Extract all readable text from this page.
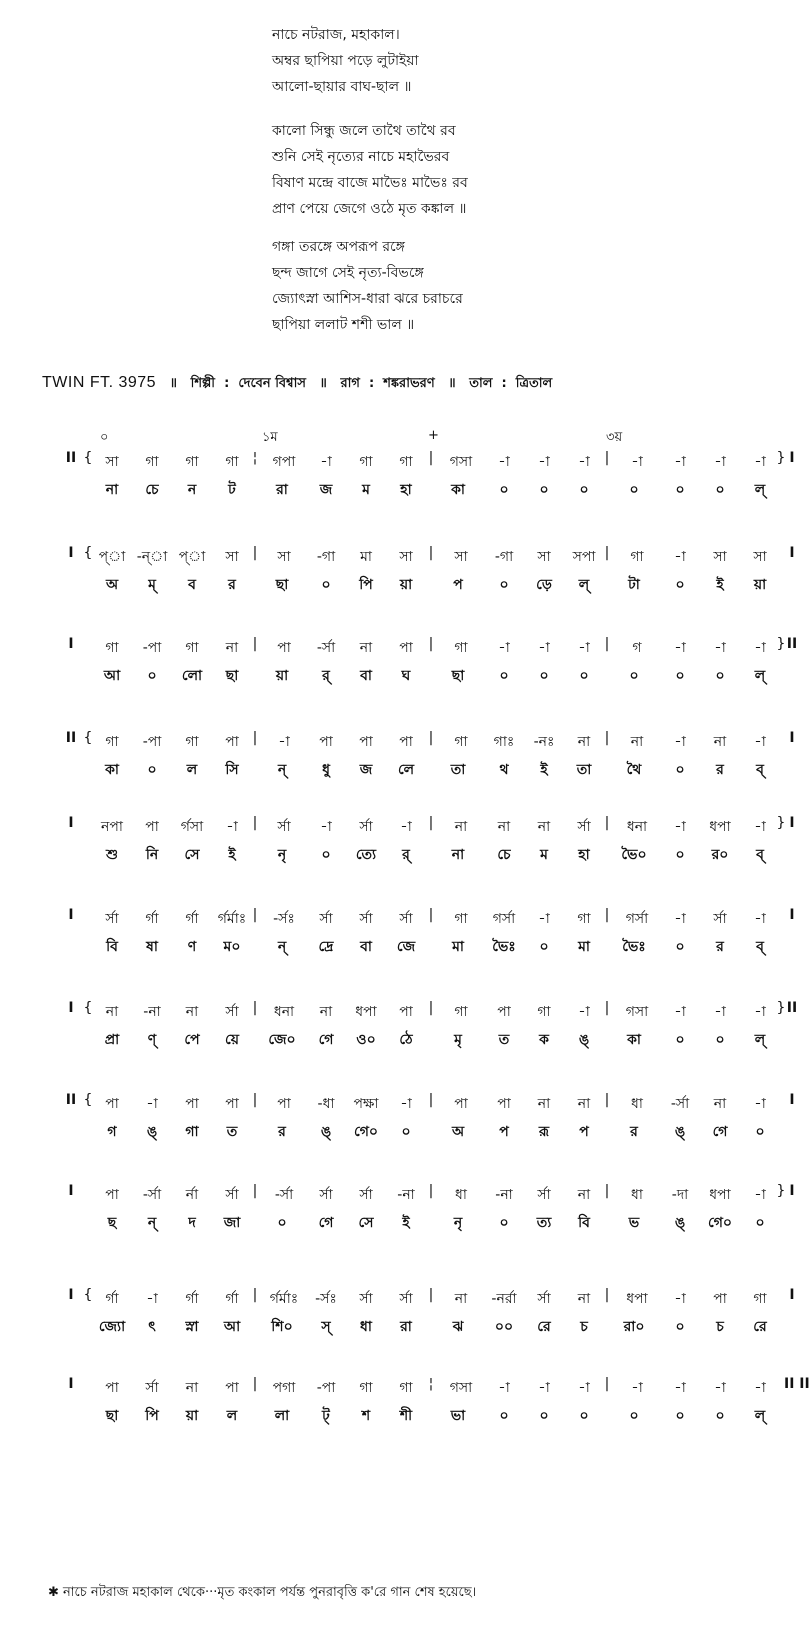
নাচে নটরাজ, মহাকাল।

অম্বর ছাপিয়া পড়ে লুটাইয়া

আলো-ছায়ার বাঘ-ছাল ॥

কালো সিন্ধু জলে তাথৈ তাথৈ রব

শুনি সেই নৃত্যের নাচে মহাভৈরব

বিষাণ মন্দ্রে বাজে মাভৈঃ মাভৈঃ রব

প্রাণ পেয়ে জেগে ওঠে মৃত কঙ্কাল ॥

গঙ্গা তরঙ্গে অপরূপ রঙ্গে

ছন্দ জাগে সেই নৃত্য-বিভঙ্গে

জ্যোৎস্না আশিস-ধারা ঝরে চরাচরে

ছাপিয়া ললাট শশী ভাল ॥

TWIN FT. 3975 ॥ শিল্পী : দেবেন বিশ্বাস ॥ রাগ : শঙ্করাভরণ ॥ তাল : ত্রিতাল
০	১ম	+	৩য়
II { সা	গা	গা	গা	¦	গপা	-া	গা	গা	|	গসা	-া	-া	-া	|	-া	-া	-া	-া } I
না	চে	ন	ট	রা	জ	ম	হা	কা	০	০	০	০	০	০	ল্
I { প্া -ন্া প্া	সা |	সা	-গা	মা	সা	|	সা	-গা	সা	সপা |	গা	-া	সা	সা	I
অ	ম্	ব	র	ছা	০	পি	য়া	প	০	ড়ে	ল্	টা	০	ই	য়া
I	গা	-পা	গা	না	|	পা	-র্সা	না	পা	|	গা	-া	-া	-া	|	গ	-া	-া	-া } II
আ	০	লো	ছা	য়া	র্	বা	ঘ	ছা	০	০	০	০	০	০	ল্
II { গা	-পা	গা	পা |	-া	পা	পা	পা	|	গা	গাঃ	-নঃ	না	|	না	-া	না	-া	I
কা	০	ল	সি	ন্	ধু	জ	লে	তা	থ	ই	তা	থৈ	০	র	ব্
I	নপা	পা	র্গসা	-া	|	র্সা	-া	র্সা	-া	|	না	না	না	র্সা |	ধনা	-া	ধপা	-া } I
শু	নি	সে	ই	নৃ	০	ত্যে	র্	না	চে	ম	হা	ভৈ০	০	র০	ব্
I	র্সা	র্গা	র্গা	র্গর্মাঃ |	-র্সঃ	র্সা	র্সা	র্সা	|	গা	গর্সা	-া	গা	|	গর্সা	-া	র্সা	-া	I
বি	ষা	ণ	ম০	ন্	দ্রে	বা	জে	মা	ভৈঃ	০	মা	ভৈঃ	০	র	ব্
I { না	-না	না	র্সা |	ধনা	না	ধপা	পা	|	গা	পা	গা	-া	|	গসা	-া	-া	-া } II
প্রা	ণ্	পে	য়ে	জে০	গে	ও০	ঠে	মৃ	ত	ক	ঙ্	কা	০	০	ল্
II { পা	-া	পা	পা |	পা	-ধা	পক্ষা	-া	|	পা	পা	না	না	|	ধা	-র্সা	না	-া	I
গ	ঙ্	গা	ত	র	ঙ্	গে০	০	অ	প	রূ	প	র	ঙ্	গে	০
I	পা	-র্সা	র্না	র্সা |	-র্সা	র্সা	র্সা	-না |	ধা	-না	র্সা	না	|	ধা	-দা	ধপা	-া } I
ছ	ন্	দ	জা	০	গে	সে	ই	নৃ	০	ত্য	বি	ভ	ঙ্	গে০	০
I { র্গা	-া	র্গা	র্গা	| র্গর্মাঃ	-র্সঃ	র্সা	র্সা	|	না	-নর্রা	র্সা	না	|	ধপা	-া	পা	গা	I
জ্যো	ৎ	স্না	আ	শি০	স্	ধা	রা	ঝ	০০	রে	চ	রা০	০	চ	রে
I	পা	র্সা	না	পা |	পগা	-পা	গা	গা	¦	গসা	-া	-া	-া	|	-া	-া	-া	-া	II II
ছা	পি	য়া	ল	লা	ট্	শ	শী	ভা	০	০	০	০	০	০	ল্
✱ নাচে নটরাজ মহাকাল থেকে···মৃত কংকাল পর্যন্ত পুনরাবৃত্তি ক'রে গান শেষ হয়েছে।
